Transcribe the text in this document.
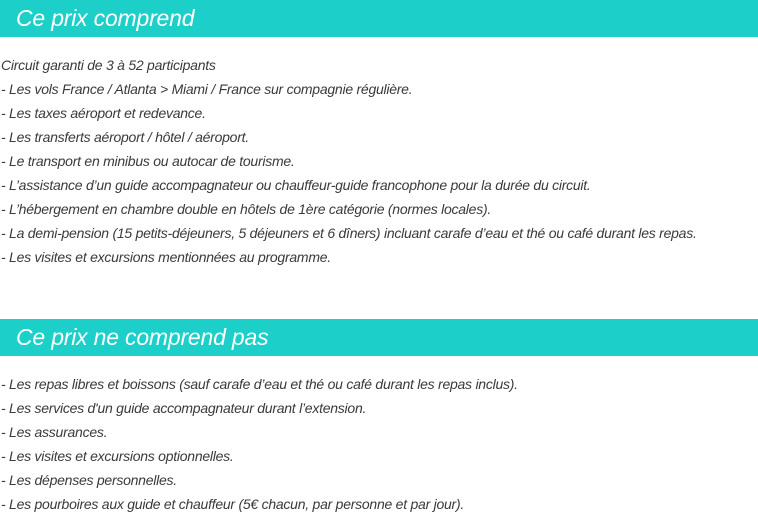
Ce prix comprend
Circuit garanti de 3 à 52 participants
- Les vols France / Atlanta > Miami / France sur compagnie régulière.
- Les taxes aéroport et redevance.
- Les transferts aéroport / hôtel / aéroport.
- Le transport en minibus ou autocar de tourisme.
- L’assistance d’un guide accompagnateur ou chauffeur-guide francophone pour la durée du circuit.
- L’hébergement en chambre double en hôtels de 1ère catégorie (normes locales).
- La demi-pension (15 petits-déjeuners, 5 déjeuners et 6 dîners) incluant carafe d’eau et thé ou café durant les repas.
- Les visites et excursions mentionnées au programme.
Ce prix ne comprend pas
- Les repas libres et boissons (sauf carafe d’eau et thé ou café durant les repas inclus).
- Les services d'un guide accompagnateur durant l’extension.
- Les assurances.
- Les visites et excursions optionnelles.
- Les dépenses personnelles.
- Les pourboires aux guide et chauffeur (5€ chacun, par personne et par jour).
